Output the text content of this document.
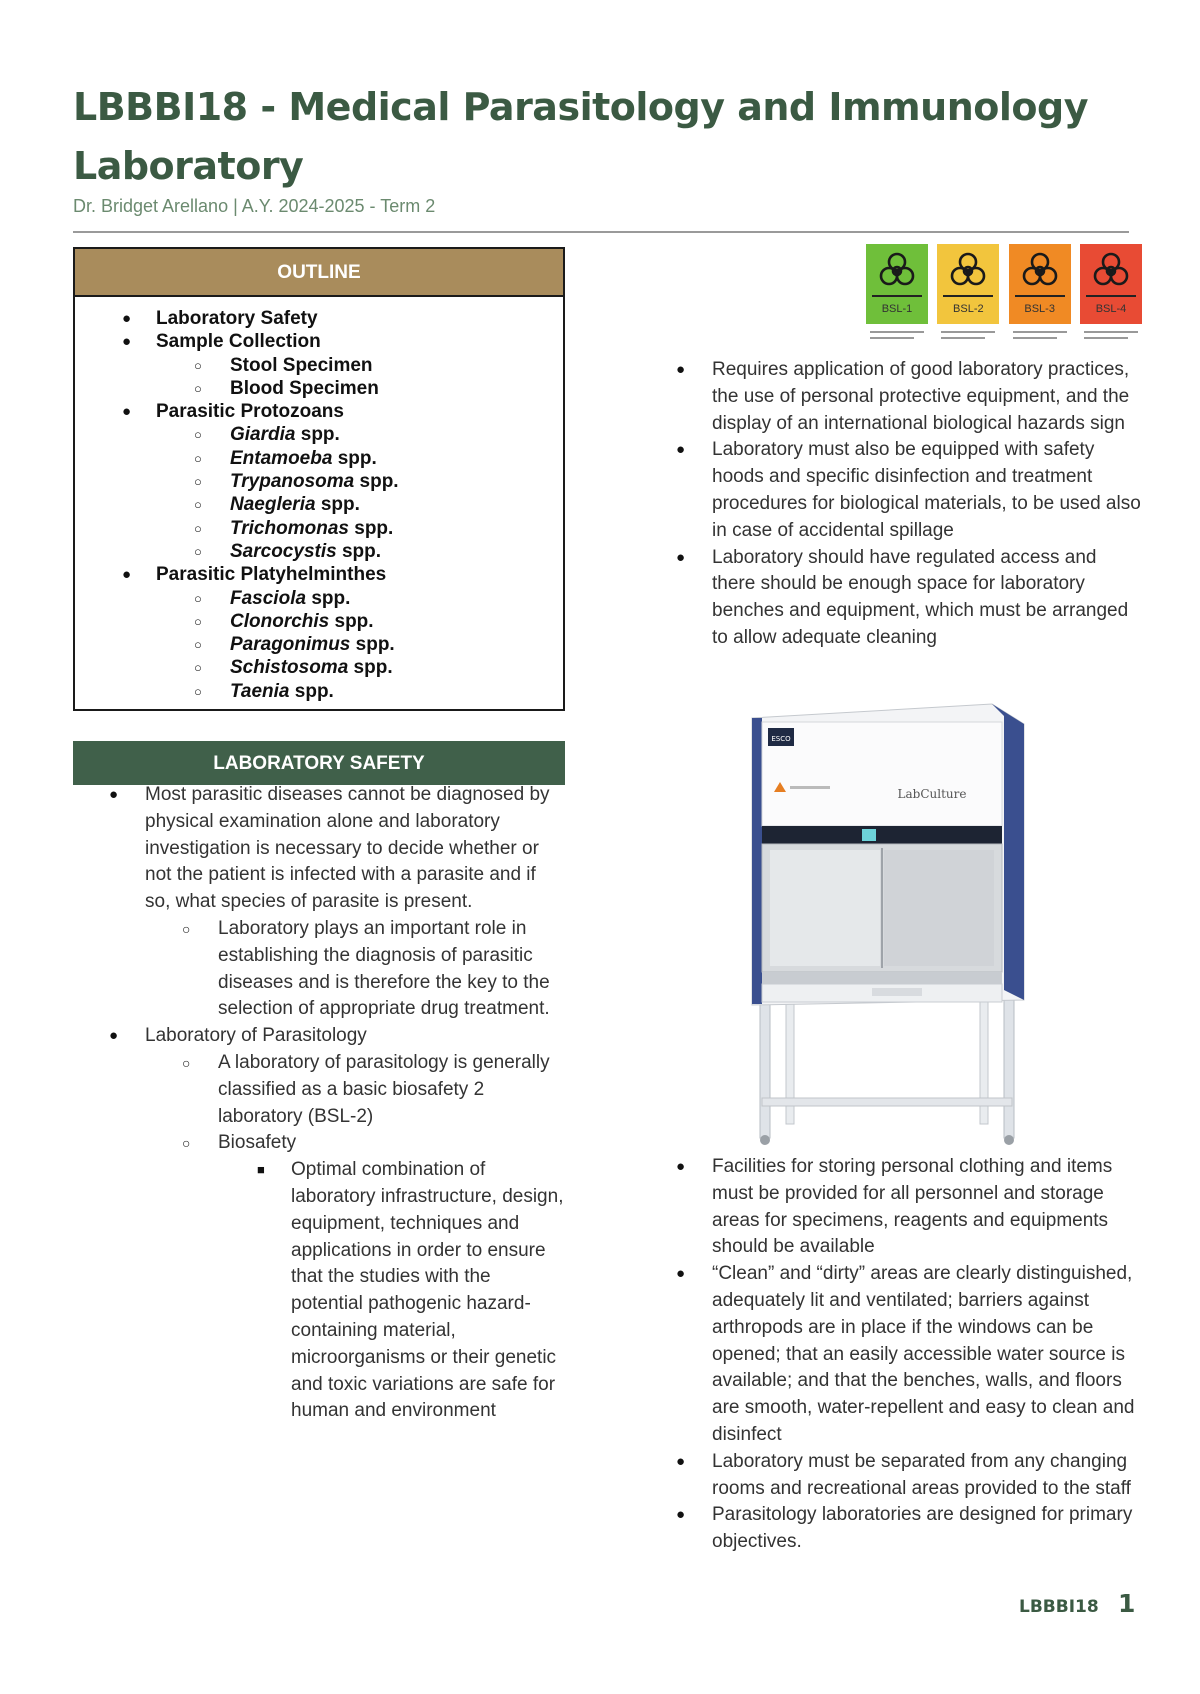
LBBBI18 - Medical Parasitology and Immunology Laboratory
Dr. Bridget Arellano | A.Y. 2024-2025 - Term 2
OUTLINE
● Laboratory Safety
● Sample Collection
○ Stool Specimen
○ Blood Specimen
● Parasitic Protozoans
○ Giardia spp.
○ Entamoeba spp.
○ Trypanosoma spp.
○ Naegleria spp.
○ Trichomonas spp.
○ Sarcocystis spp.
● Parasitic Platyhelminthes
○ Fasciola spp.
○ Clonorchis spp.
○ Paragonimus spp.
○ Schistosoma spp.
○ Taenia spp.
BSL-1	BSL-2	BSL-3	BSL-4
● Requires application of good laboratory practices, the use of personal protective equipment, and the display of an international biological hazards sign
● Laboratory must also be equipped with safety hoods and specific disinfection and treatment procedures for biological materials, to be used also in case of accidental spillage
● Laboratory should have regulated access and there should be enough space for laboratory benches and equipment, which must be arranged to allow adequate cleaning
ESCO
LabCulture
LABORATORY SAFETY
● Most parasitic diseases cannot be diagnosed by physical examination alone and laboratory investigation is necessary to decide whether or not the patient is infected with a parasite and if so, what species of parasite is present.
○ Laboratory plays an important role in establishing the diagnosis of parasitic diseases and is therefore the key to the selection of appropriate drug treatment.
● Laboratory of Parasitology
○ A laboratory of parasitology is generally classified as a basic biosafety 2 laboratory (BSL-2)
○ Biosafety
■ Optimal combination of laboratory infrastructure, design, equipment, techniques and applications in order to ensure that the studies with the potential pathogenic hazard-containing material, microorganisms or their genetic and toxic variations are safe for human and environment
● Facilities for storing personal clothing and items must be provided for all personnel and storage areas for specimens, reagents and equipments should be available
● “Clean” and “dirty” areas are clearly distinguished, adequately lit and ventilated; barriers against arthropods are in place if the windows can be opened; that an easily accessible water source is available; and that the benches, walls, and floors are smooth, water-repellent and easy to clean and disinfect
● Laboratory must be separated from any changing rooms and recreational areas provided to the staff
● Parasitology laboratories are designed for primary objectives.
LBBBI18 1
